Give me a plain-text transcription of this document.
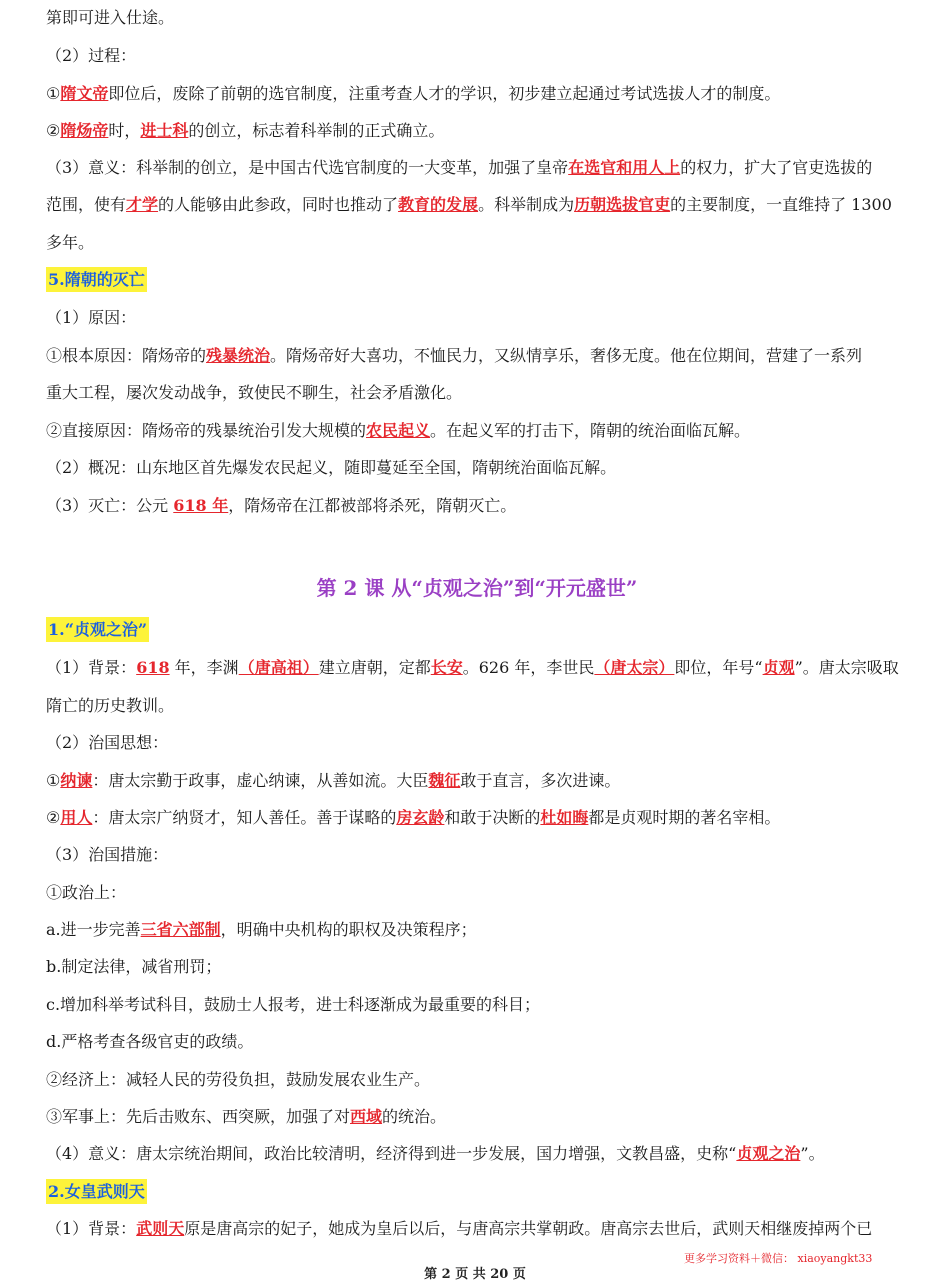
第即可进入仕途。
（2）过程：
①隋文帝即位后，废除了前朝的选官制度，注重考查人才的学识，初步建立起通过考试选拔人才的制度。
②隋炀帝时，进士科的创立，标志着科举制的正式确立。
（3）意义：科举制的创立，是中国古代选官制度的一大变革，加强了皇帝在选官和用人上的权力，扩大了官吏选拔的
范围，使有才学的人能够由此参政，同时也推动了教育的发展。科举制成为历朝选拔官吏的主要制度，一直维持了 1300
多年。
5.隋朝的灭亡
（1）原因：
①根本原因：隋炀帝的残暴统治。隋炀帝好大喜功，不恤民力，又纵情享乐，奢侈无度。他在位期间，营建了一系列
重大工程，屡次发动战争，致使民不聊生，社会矛盾激化。
②直接原因：隋炀帝的残暴统治引发大规模的农民起义。在起义军的打击下，隋朝的统治面临瓦解。
（2）概况：山东地区首先爆发农民起义，随即蔓延至全国，隋朝统治面临瓦解。
（3）灭亡：公元 618 年，隋炀帝在江都被部将杀死，隋朝灭亡。
1.“贞观之治”
（1）背景：618 年，李渊（唐高祖）建立唐朝，定都长安。626 年，李世民（唐太宗）即位，年号“贞观”。唐太宗吸取
隋亡的历史教训。
（2）治国思想：
①纳谏：唐太宗勤于政事，虚心纳谏，从善如流。大臣魏征敢于直言，多次进谏。
②用人：唐太宗广纳贤才，知人善任。善于谋略的房玄龄和敢于决断的杜如晦都是贞观时期的著名宰相。
（3）治国措施：
①政治上：
a.进一步完善三省六部制，明确中央机构的职权及决策程序；
b.制定法律，减省刑罚；
c.增加科举考试科目，鼓励士人报考，进士科逐渐成为最重要的科目；
d.严格考查各级官吏的政绩。
②经济上：减轻人民的劳役负担，鼓励发展农业生产。
③军事上：先后击败东、西突厥，加强了对西域的统治。
（4）意义：唐太宗统治期间，政治比较清明，经济得到进一步发展，国力增强，文教昌盛，史称“贞观之治”。
2.女皇武则天
（1）背景：武则天原是唐高宗的妃子，她成为皇后以后，与唐高宗共掌朝政。唐高宗去世后，武则天相继废掉两个已
第 2 课 从“贞观之治”到“开元盛世”
更多学习资料＋微信： xiaoyangkt33
第 2 页 共 20 页
